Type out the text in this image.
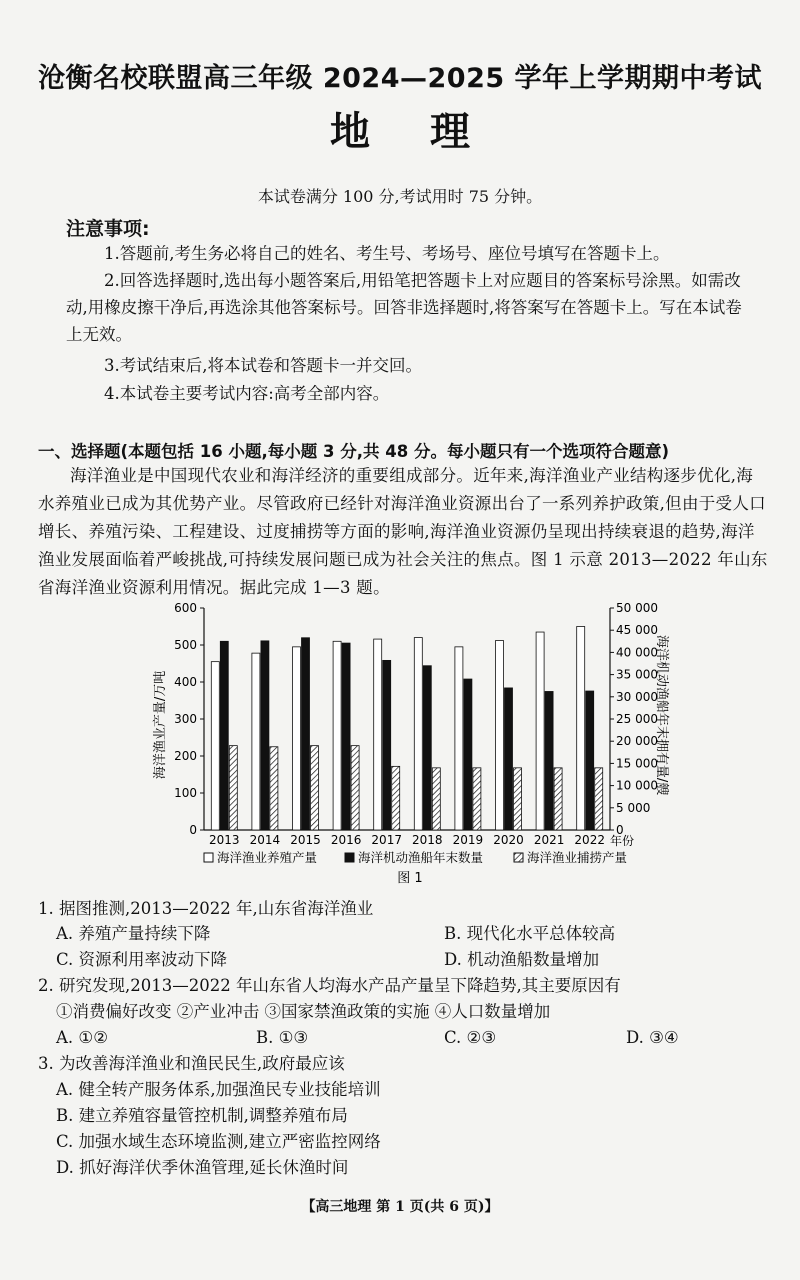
沧衡名校联盟高三年级 2024—2025 学年上学期期中考试
地理
本试卷满分 100 分,考试用时 75 分钟。
注意事项:
1.答题前,考生务必将自己的姓名、考生号、考场号、座位号填写在答题卡上。
2.回答选择题时,选出每小题答案后,用铅笔把答题卡上对应题目的答案标号涂黑。如需改动,用橡皮擦干净后,再选涂其他答案标号。回答非选择题时,将答案写在答题卡上。写在本试卷上无效。
3.考试结束后,将本试卷和答题卡一并交回。
4.本试卷主要考试内容:高考全部内容。
一、选择题(本题包括 16 小题,每小题 3 分,共 48 分。每小题只有一个选项符合题意)
海洋渔业是中国现代农业和海洋经济的重要组成部分。近年来,海洋渔业产业结构逐步优化,海水养殖业已成为其优势产业。尽管政府已经针对海洋渔业资源出台了一系列养护政策,但由于受人口增长、养殖污染、工程建设、过度捕捞等方面的影响,海洋渔业资源仍呈现出持续衰退的趋势,海洋渔业发展面临着严峻挑战,可持续发展问题已成为社会关注的焦点。图 1 示意 2013—2022 年山东省海洋渔业资源利用情况。据此完成 1—3 题。
0
100
200
300
400
500
600
0
5 000
10 000
15 000
20 000
25 000
30 000
35 000
40 000
45 000
50 000
2013 2014 2015 2016 2017 2018 2019 2020 2021 2022
海洋渔业产量/万吨	海洋机动渔船年末拥有量/艘
年份
海洋渔业养殖产量	海洋机动渔船年末数量	海洋渔业捕捞产量
图 1
1. 据图推测,2013—2022 年,山东省海洋渔业
A. 养殖产量持续下降	B. 现代化水平总体较高
C. 资源利用率波动下降	D. 机动渔船数量增加
2. 研究发现,2013—2022 年山东省人均海水产品产量呈下降趋势,其主要原因有
①消费偏好改变 ②产业冲击 ③国家禁渔政策的实施 ④人口数量增加
A. ①②	B. ①③	C. ②③	D. ③④
3. 为改善海洋渔业和渔民民生,政府最应该
A. 健全转产服务体系,加强渔民专业技能培训
B. 建立养殖容量管控机制,调整养殖布局
C. 加强水域生态环境监测,建立严密监控网络
D. 抓好海洋伏季休渔管理,延长休渔时间
【高三地理 第 1 页(共 6 页)】
